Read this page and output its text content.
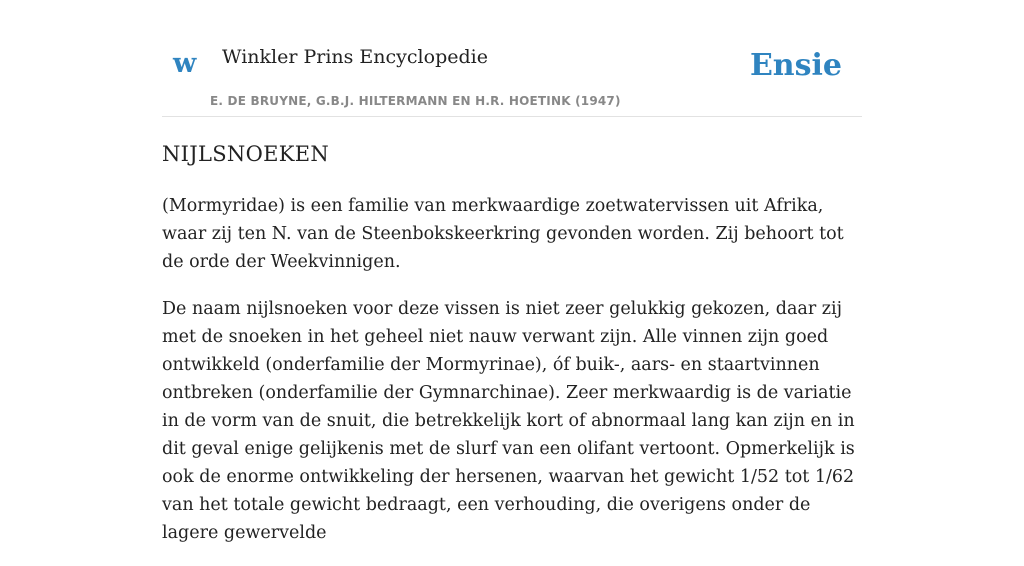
w Winkler Prins Encyclopedie
E. DE BRUYNE, G.B.J. HILTERMANN EN H.R. HOETINK (1947)
Ensie
NIJLSNOEKEN

(Mormyridae) is een familie van merkwaardige zoetwatervissen uit Afrika, waar zij ten N. van de Steenbokskeerkring gevonden worden. Zij behoort tot de orde der Weekvinnigen.

De naam nijlsnoeken voor deze vissen is niet zeer gelukkig gekozen, daar zij met de snoeken in het geheel niet nauw verwant zijn. Alle vinnen zijn goed ontwikkeld (onderfamilie der Mormyrinae), óf buik-, aars- en staartvinnen ontbreken (onderfamilie der Gymnarchinae). Zeer merkwaardig is de variatie in de vorm van de snuit, die betrekkelijk kort of abnormaal lang kan zijn en in dit geval enige gelijkenis met de slurf van een olifant vertoont. Opmerkelijk is ook de enorme ontwikkeling der hersenen, waarvan het gewicht 1/52 tot 1/62 van het totale gewicht bedraagt, een verhouding, die overigens onder de lagere gewervelde
